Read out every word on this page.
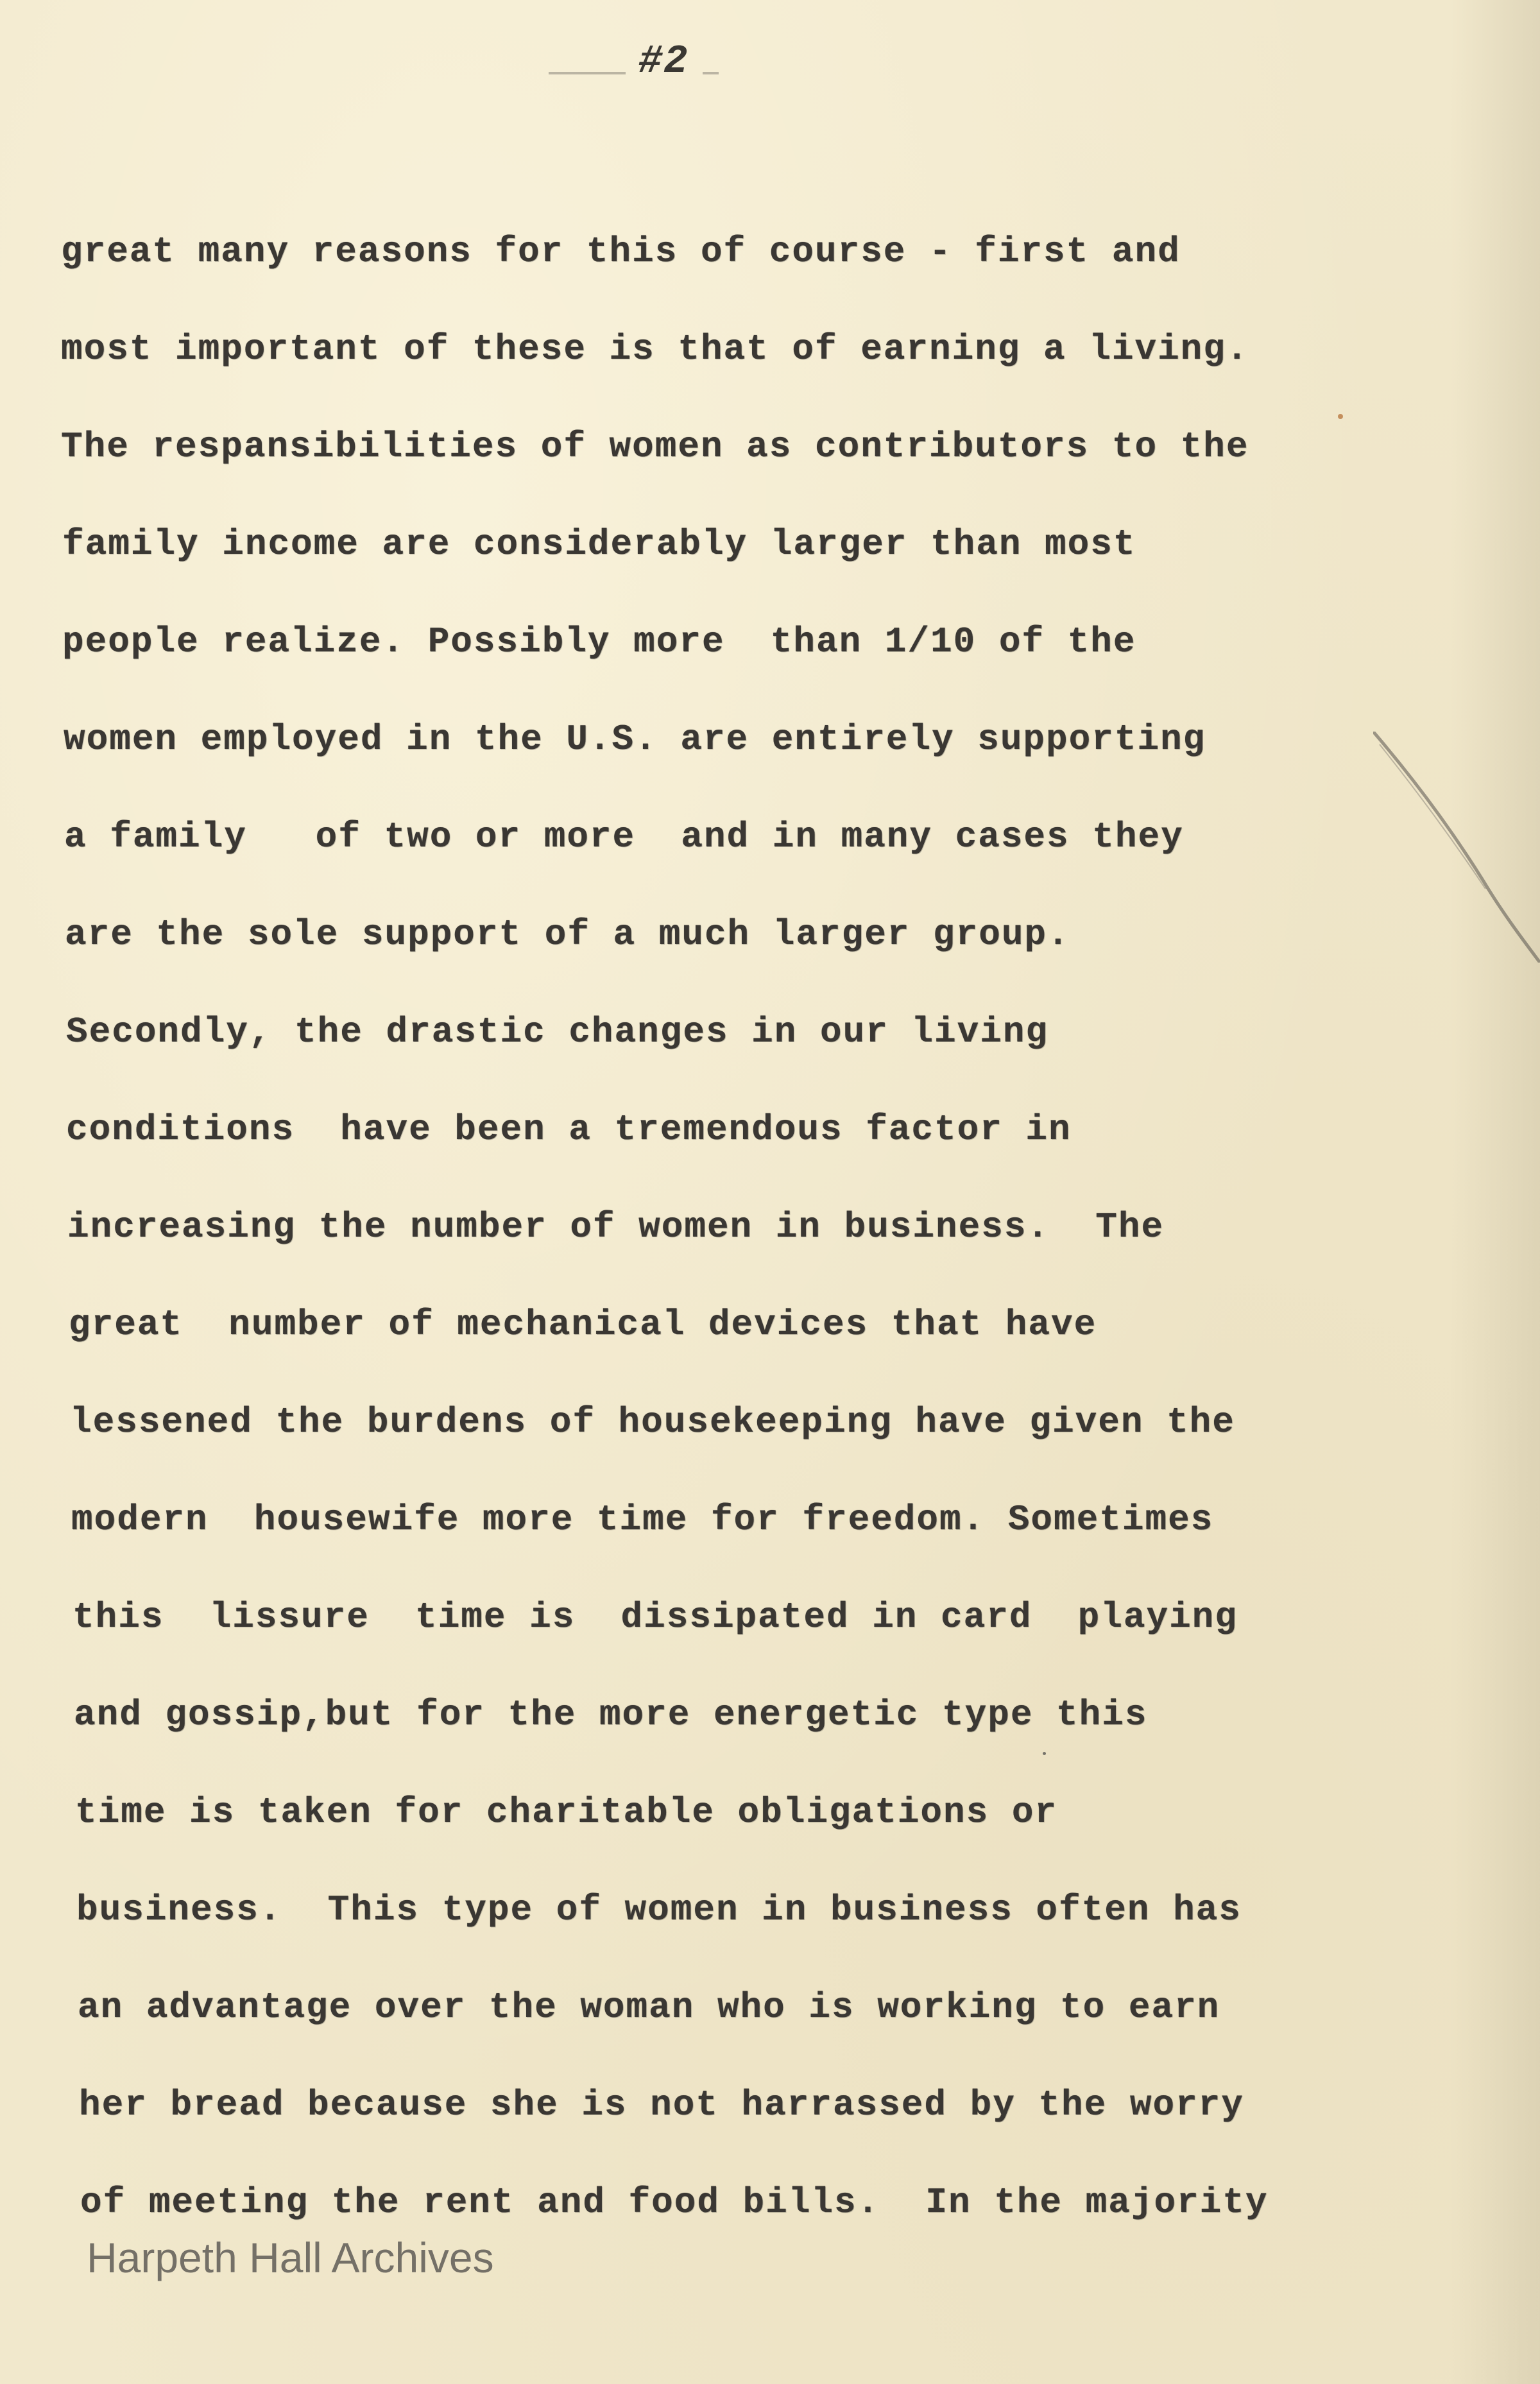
#2
great many reasons for this of course - first and
most important of these is that of earning a living.
The respansibilities of women as contributors to the
family income are considerably larger than most
people realize. Possibly more  than 1/10 of the
women employed in the U.S. are entirely supporting
a family   of two or more  and in many cases they
are the sole support of a much larger group.
Secondly, the drastic changes in our living
conditions  have been a tremendous factor in
increasing the number of women in business.  The
great  number of mechanical devices that have
lessened the burdens of housekeeping have given the
modern  housewife more time for freedom. Sometimes
this  lissure  time is  dissipated in card  playing
and gossip,but for the more energetic type this
time is taken for charitable obligations or
business.  This type of women in business often has
an advantage over the woman who is working to earn
her bread because she is not harrassed by the worry
of meeting the rent and food bills.  In the majority
Harpeth Hall Archives
